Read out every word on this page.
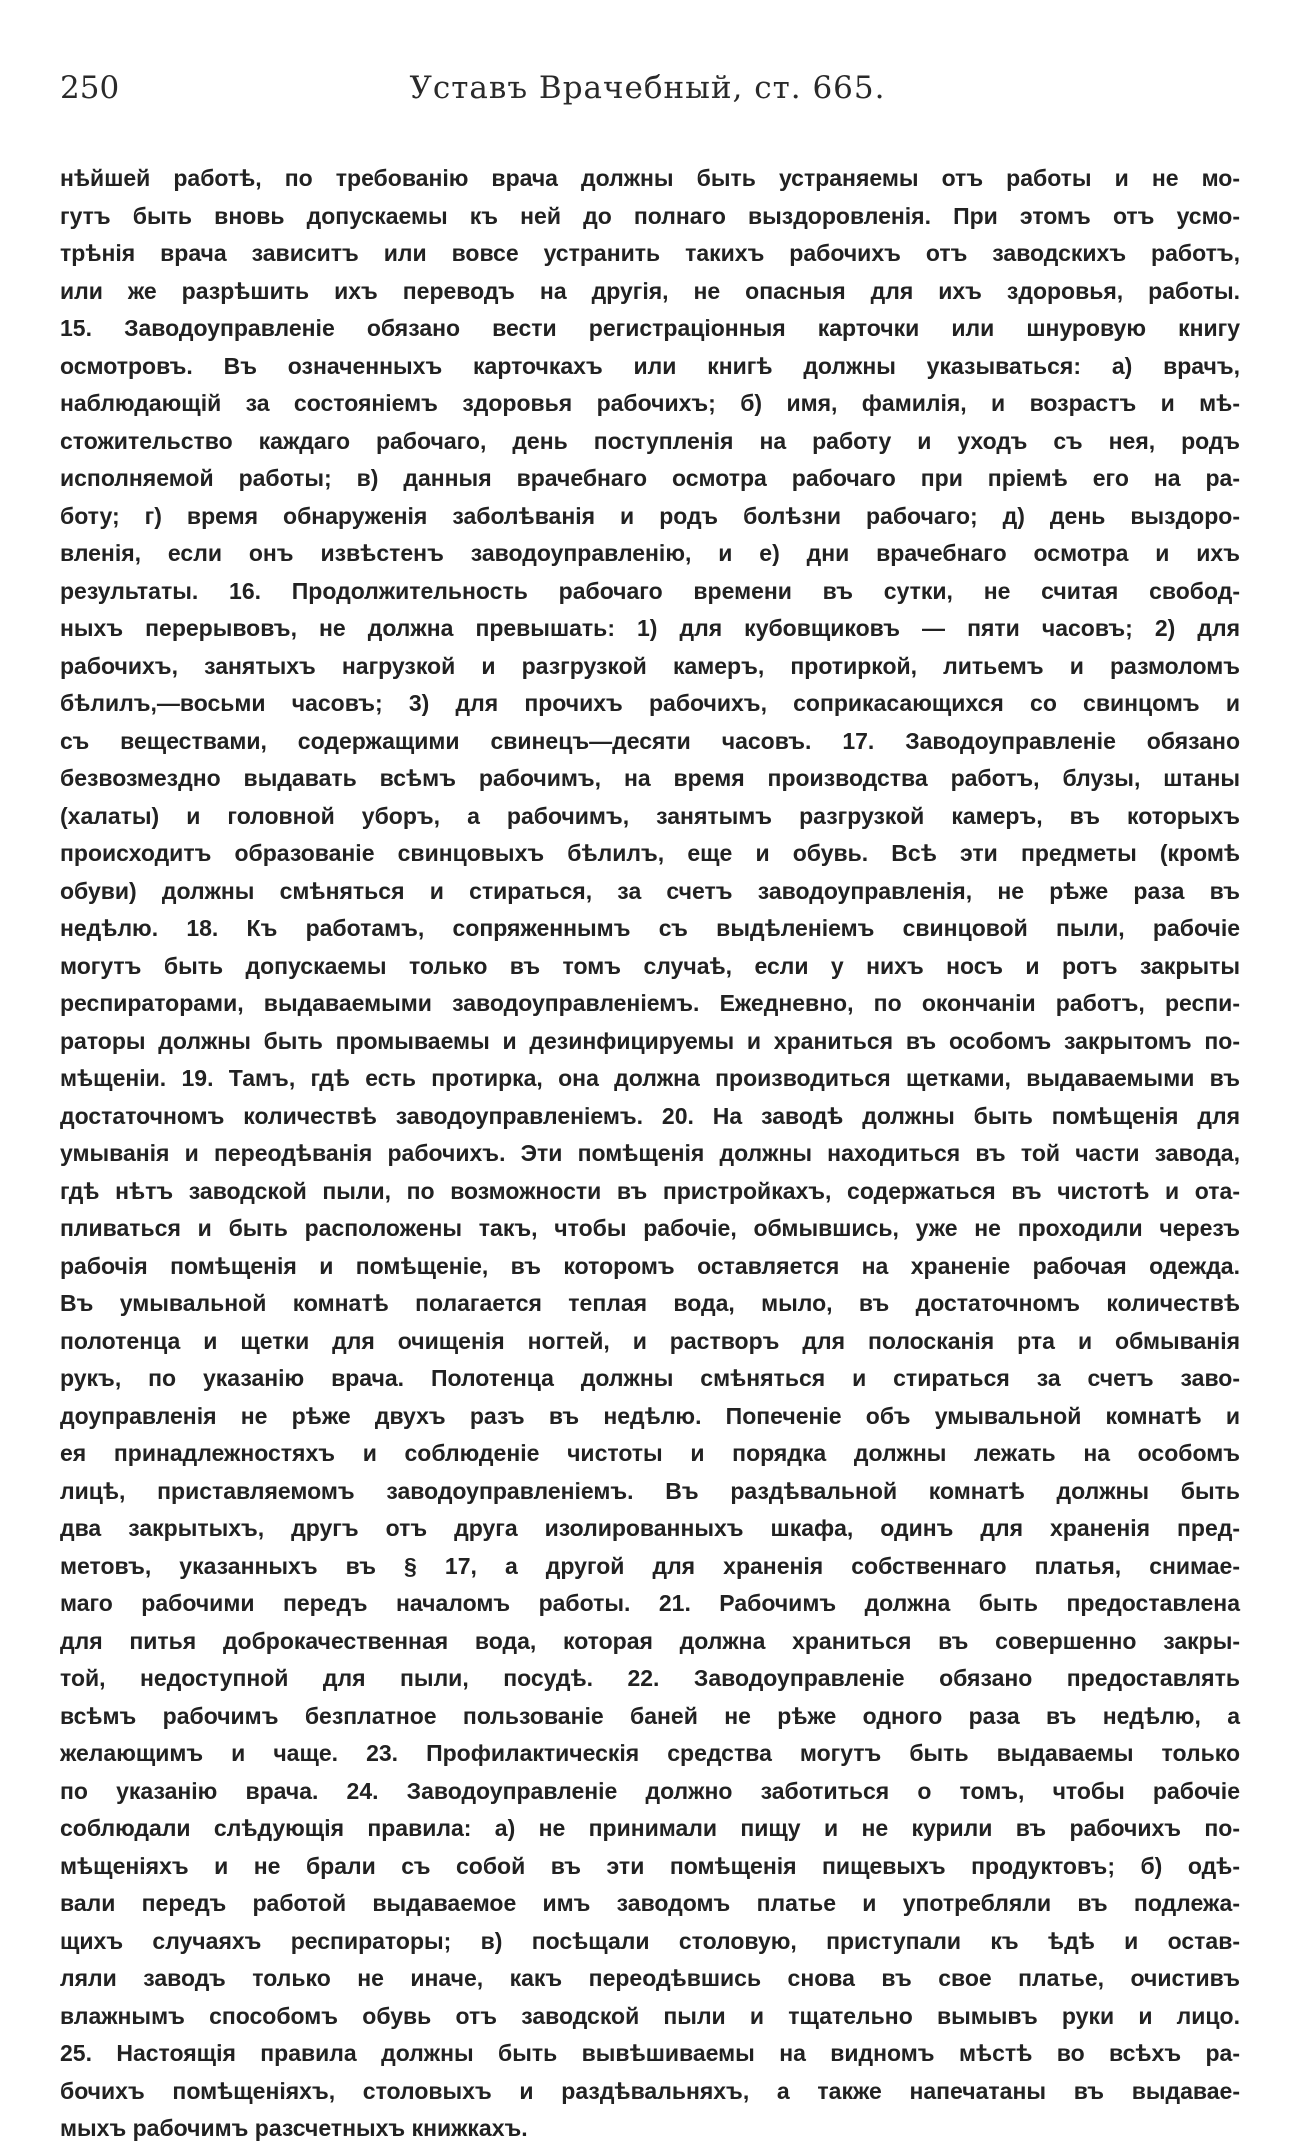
250	Уставъ Врачебный, ст. 665.
нѣйшей работѣ, по требованію врача должны быть устраняемы отъ работы и не мо-
гутъ быть вновь допускаемы къ ней до полнаго выздоровленія. При этомъ отъ усмо-
трѣнія врача зависитъ или вовсе устранить такихъ рабочихъ отъ заводскихъ работъ,
или же разрѣшить ихъ переводъ на другія, не опасныя для ихъ здоровья, работы.
15. Заводоуправленіе обязано вести регистраціонныя карточки или шнуровую книгу
осмотровъ. Въ означенныхъ карточкахъ или книгѣ должны указываться: а) врачъ,
наблюдающій за состояніемъ здоровья рабочихъ; б) имя, фамилія, и возрастъ и мѣ-
стожительство каждаго рабочаго, день поступленія на работу и уходъ съ нея, родъ
исполняемой работы; в) данныя врачебнаго осмотра рабочаго при пріемѣ его на ра-
боту; г) время обнаруженія заболѣванія и родъ болѣзни рабочаго; д) день выздоро-
вленія, если онъ извѣстенъ заводоуправленію, и е) дни врачебнаго осмотра и ихъ
результаты. 16. Продолжительность рабочаго времени въ сутки, не считая свобод-
ныхъ перерывовъ, не должна превышать: 1) для кубовщиковъ — пяти часовъ; 2) для
рабочихъ, занятыхъ нагрузкой и разгрузкой камеръ, протиркой, литьемъ и размоломъ
бѣлилъ,—восьми часовъ; 3) для прочихъ рабочихъ, соприкасающихся со свинцомъ и
съ веществами, содержащими свинецъ—десяти часовъ. 17. Заводоуправленіе обязано
безвозмездно выдавать всѣмъ рабочимъ, на время производства работъ, блузы, штаны
(халаты) и головной уборъ, а рабочимъ, занятымъ разгрузкой камеръ, въ которыхъ
происходитъ образованіе свинцовыхъ бѣлилъ, еще и обувь. Всѣ эти предметы (кромѣ
обуви) должны смѣняться и стираться, за счетъ заводоуправленія, не рѣже раза въ
недѣлю. 18. Къ работамъ, сопряженнымъ съ выдѣленіемъ свинцовой пыли, рабочіе
могутъ быть допускаемы только въ томъ случаѣ, если у нихъ носъ и ротъ закрыты
респираторами, выдаваемыми заводоуправленіемъ. Ежедневно, по окончаніи работъ, респи-
раторы должны быть промываемы и дезинфицируемы и храниться въ особомъ закрытомъ по-
мѣщеніи. 19. Тамъ, гдѣ есть протирка, она должна производиться щетками, выдаваемыми въ
достаточномъ количествѣ заводоуправленіемъ. 20. На заводѣ должны быть помѣщенія для
умыванія и переодѣванія рабочихъ. Эти помѣщенія должны находиться въ той части завода,
гдѣ нѣтъ заводской пыли, по возможности въ пристройкахъ, содержаться въ чистотѣ и ота-
пливаться и быть расположены такъ, чтобы рабочіе, обмывшись, уже не проходили черезъ
рабочія помѣщенія и помѣщеніе, въ которомъ оставляется на храненіе рабочая одежда.
Въ умывальной комнатѣ полагается теплая вода, мыло, въ достаточномъ количествѣ
полотенца и щетки для очищенія ногтей, и растворъ для полосканія рта и обмыванія
рукъ, по указанію врача. Полотенца должны смѣняться и стираться за счетъ заво-
доуправленія не рѣже двухъ разъ въ недѣлю. Попеченіе объ умывальной комнатѣ и
ея принадлежностяхъ и соблюденіе чистоты и порядка должны лежать на особомъ
лицѣ, приставляемомъ заводоуправленіемъ. Въ раздѣвальной комнатѣ должны быть
два закрытыхъ, другъ отъ друга изолированныхъ шкафа, одинъ для храненія пред-
метовъ, указанныхъ въ § 17, а другой для храненія собственнаго платья, снимае-
маго рабочими передъ началомъ работы. 21. Рабочимъ должна быть предоставлена
для питья доброкачественная вода, которая должна храниться въ совершенно закры-
той, недоступной для пыли, посудѣ. 22. Заводоуправленіе обязано предоставлять
всѣмъ рабочимъ безплатное пользованіе баней не рѣже одного раза въ недѣлю, а
желающимъ и чаще. 23. Профилактическія средства могутъ быть выдаваемы только
по указанію врача. 24. Заводоуправленіе должно заботиться о томъ, чтобы рабочіе
соблюдали слѣдующія правила: а) не принимали пищу и не курили въ рабочихъ по-
мѣщеніяхъ и не брали съ собой въ эти помѣщенія пищевыхъ продуктовъ; б) одѣ-
вали передъ работой выдаваемое имъ заводомъ платье и употребляли въ подлежа-
щихъ случаяхъ респираторы; в) посѣщали столовую, приступали къ ѣдѣ и остав-
ляли заводъ только не иначе, какъ переодѣвшись снова въ свое платье, очистивъ
влажнымъ способомъ обувь отъ заводской пыли и тщательно вымывъ руки и лицо.
25. Настоящія правила должны быть вывѣшиваемы на видномъ мѣстѣ во всѣхъ ра-
бочихъ помѣщеніяхъ, столовыхъ и раздѣвальняхъ, а также напечатаны въ выдавае-
мыхъ рабочимъ разсчетныхъ книжкахъ.
